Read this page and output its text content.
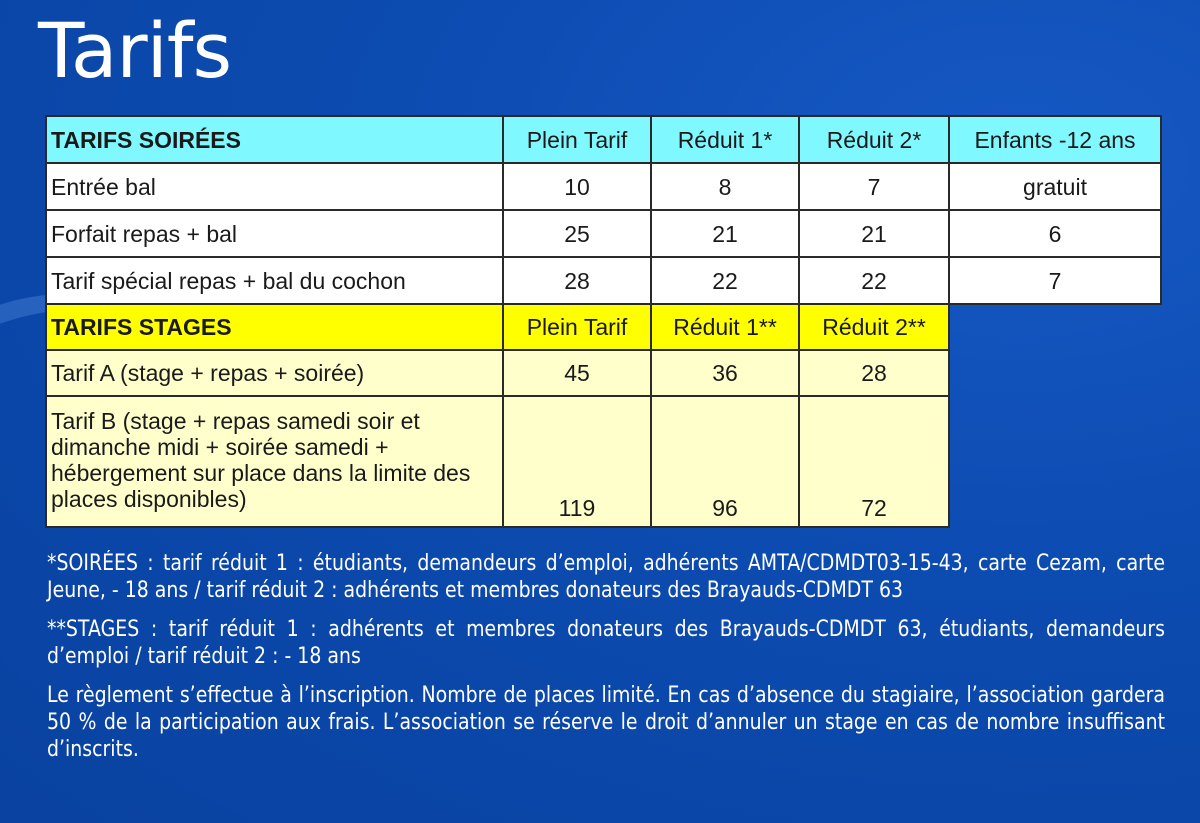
Tarifs
TARIFS SOIRÉES	Plein Tarif	Réduit 1*	Réduit 2*	Enfants -12 ans
Entrée bal	10	8	7	gratuit
Forfait repas + bal	25	21	21	6
Tarif spécial repas + bal du cochon	28	22	22	7
TARIFS STAGES	Plein Tarif	Réduit 1**	Réduit 2**	
Tarif A (stage + repas + soirée)	45	36	28	
Tarif B (stage + repas samedi soir et dimanche midi + soirée samedi + hébergement sur place dans la limite des places disponibles)	119	96	72	

*SOIRÉES : tarif réduit 1 : étudiants, demandeurs d’emploi, adhérents AMTA/CDMDT03-15-43, carte Cezam, carte Jeune, - 18 ans / tarif réduit 2 : adhérents et membres donateurs des Brayauds-CDMDT 63

**STAGES : tarif réduit 1 : adhérents et membres donateurs des Brayauds-CDMDT 63, étudiants, demandeurs d’emploi / tarif réduit 2 : - 18 ans

Le règlement s’effectue à l’inscription. Nombre de places limité. En cas d’absence du stagiaire, l’association gardera 50 % de la participation aux frais. L’association se réserve le droit d’annuler un stage en cas de nombre insuffisant d’inscrits.
